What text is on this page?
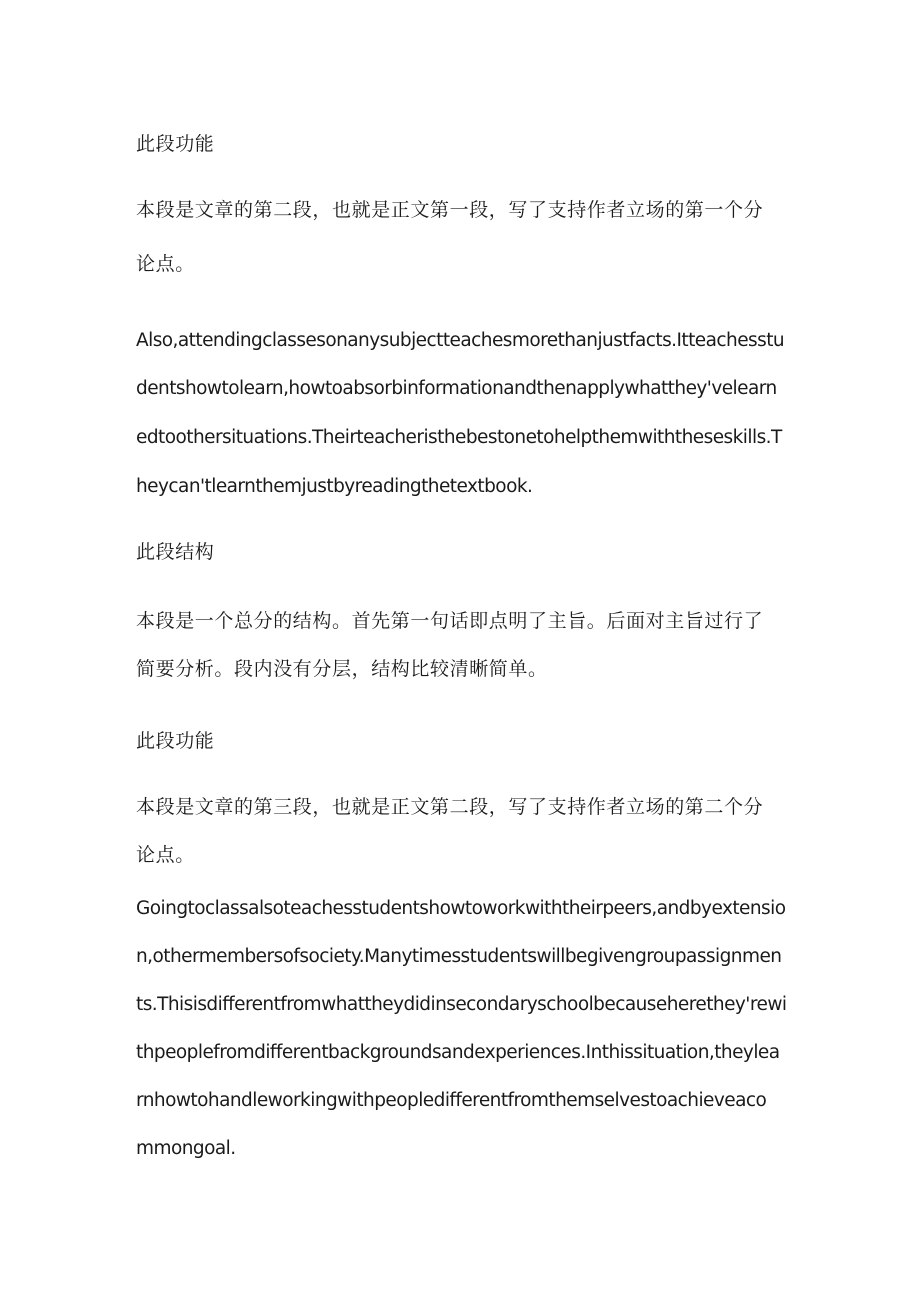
此段功能
本段是文章的第二段，也就是正文第一段，写了支持作者立场的第一个分
论点。
Also,attendingclassesonanysubjectteachesmorethanjustfacts.Itteachesstu
dentshowtolearn,howtoabsorbinformationandthenapplywhatthey'velearn
edtoothersituations.Theirteacheristhebestonetohelpthemwiththeseskills.T
heycan'tlearnthemjustbyreadingthetextbook.
此段结构
本段是一个总分的结构。首先第一句话即点明了主旨。后面对主旨过行了
简要分析。段内没有分层，结构比较清晰简单。
此段功能
本段是文章的第三段，也就是正文第二段，写了支持作者立场的第二个分
论点。
Goingtoclassalsoteachesstudentshowtoworkwiththeirpeers,andbyextensio
n,othermembersofsociety.Manytimesstudentswillbegivengroupassignmen
ts.Thisisdifferentfromwhattheydidinsecondaryschoolbecauseherethey'rewi
thpeoplefromdifferentbackgroundsandexperiences.Inthissituation,theylea
rnhowtohandleworkingwithpeopledifferentfromthemselvestoachieveaco
mmongoal.
